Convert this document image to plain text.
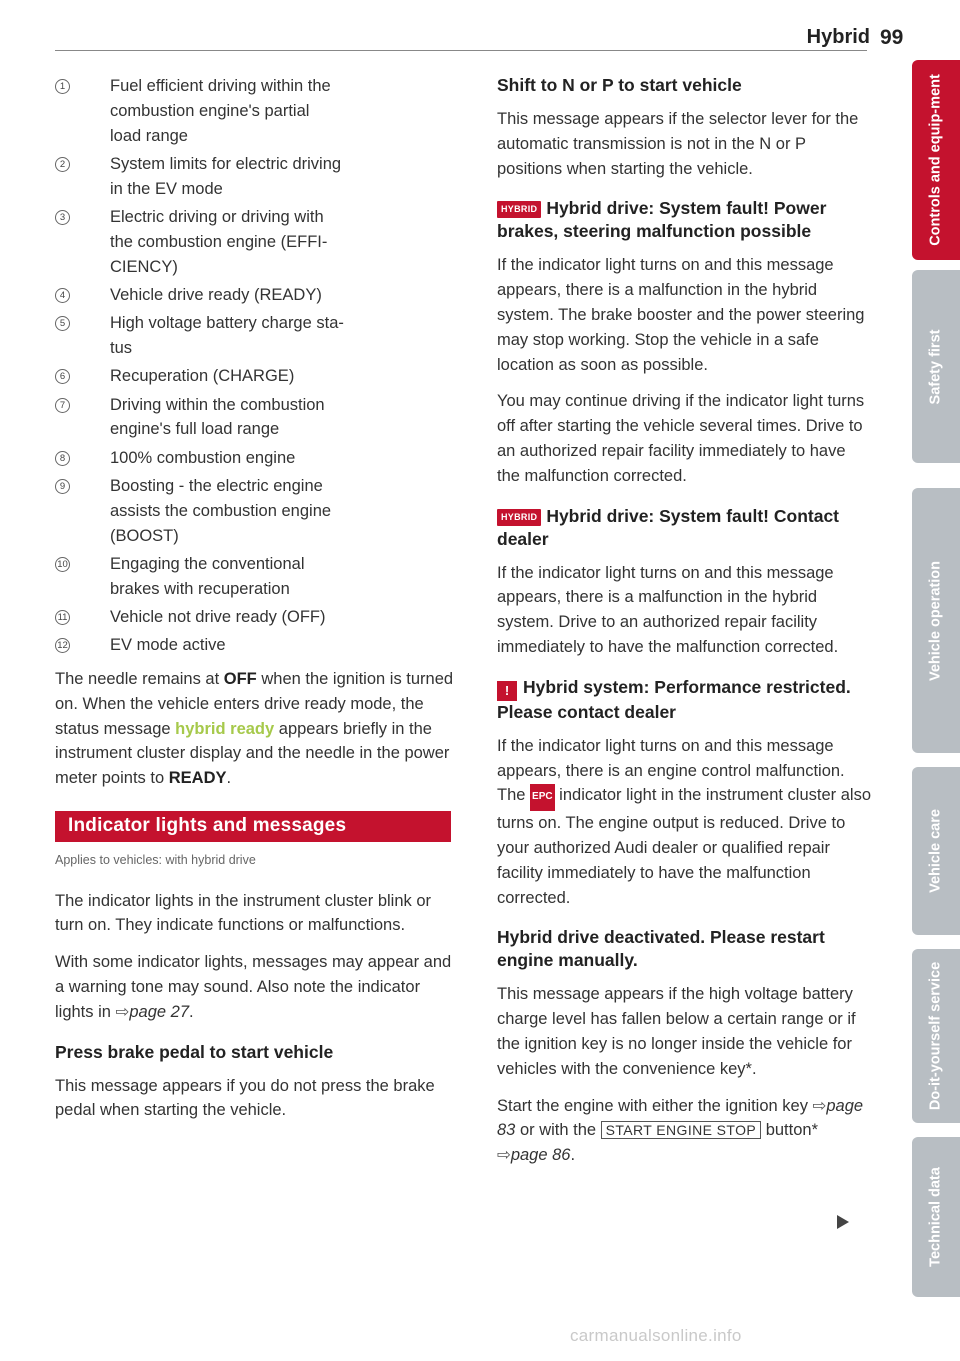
Hybrid 99
1	Fuel efficient driving within the
combustion engine's partial
load range
2	System limits for electric driving
in the EV mode
3	Electric driving or driving with
the combustion engine (EFFI-
CIENCY)
4	Vehicle drive ready (READY)
5	High voltage battery charge sta-
tus
6	Recuperation (CHARGE)
7	Driving within the combustion
engine's full load range
8	100% combustion engine
9	Boosting - the electric engine
assists the combustion engine
(BOOST)
10	Engaging the conventional
brakes with recuperation
11	Vehicle not drive ready (OFF)
12	EV mode active

The needle remains at OFF when the ignition is turned on. When the vehicle enters drive ready mode, the status message hybrid ready appears briefly in the instrument cluster display and the needle in the power meter points to READY.

Indicator lights and messages
Applies to vehicles: with hybrid drive

The indicator lights in the instrument cluster blink or turn on. They indicate functions or malfunctions.

With some indicator lights, messages may appear and a warning tone may sound. Also note the indicator lights in ⇨page 27.

Press brake pedal to start vehicle

This message appears if you do not press the brake pedal when starting the vehicle.

Shift to N or P to start vehicle

This message appears if the selector lever for the automatic transmission is not in the N or P positions when starting the vehicle.

HYBRID Hybrid drive: System fault! Power brakes, steering malfunction possible

If the indicator light turns on and this message appears, there is a malfunction in the hybrid system. The brake booster and the power steering may stop working. Stop the vehicle in a safe location as soon as possible.

You may continue driving if the indicator light turns off after starting the vehicle several times. Drive to an authorized repair facility immediately to have the malfunction corrected.

HYBRID Hybrid drive: System fault! Contact dealer

If the indicator light turns on and this message appears, there is a malfunction in the hybrid system. Drive to an authorized repair facility immediately to have the malfunction corrected.

! Hybrid system: Performance restricted. Please contact dealer

If the indicator light turns on and this message appears, there is an engine control malfunction. The EPC indicator light in the instrument cluster also turns on. The engine output is reduced. Drive to your authorized Audi dealer or qualified repair facility immediately to have the malfunction corrected.

Hybrid drive deactivated. Please restart engine manually.

This message appears if the high voltage battery charge level has fallen below a certain range or if the ignition key is no longer inside the vehicle for vehicles with the convenience key*.

Start the engine with either the ignition key ⇨page 83 or with the START ENGINE STOP button* ⇨page 86.

Controls and equip-ment
Safety first
Vehicle operation
Vehicle care
Do-it-yourself service
Technical data
carmanualsonline.info
